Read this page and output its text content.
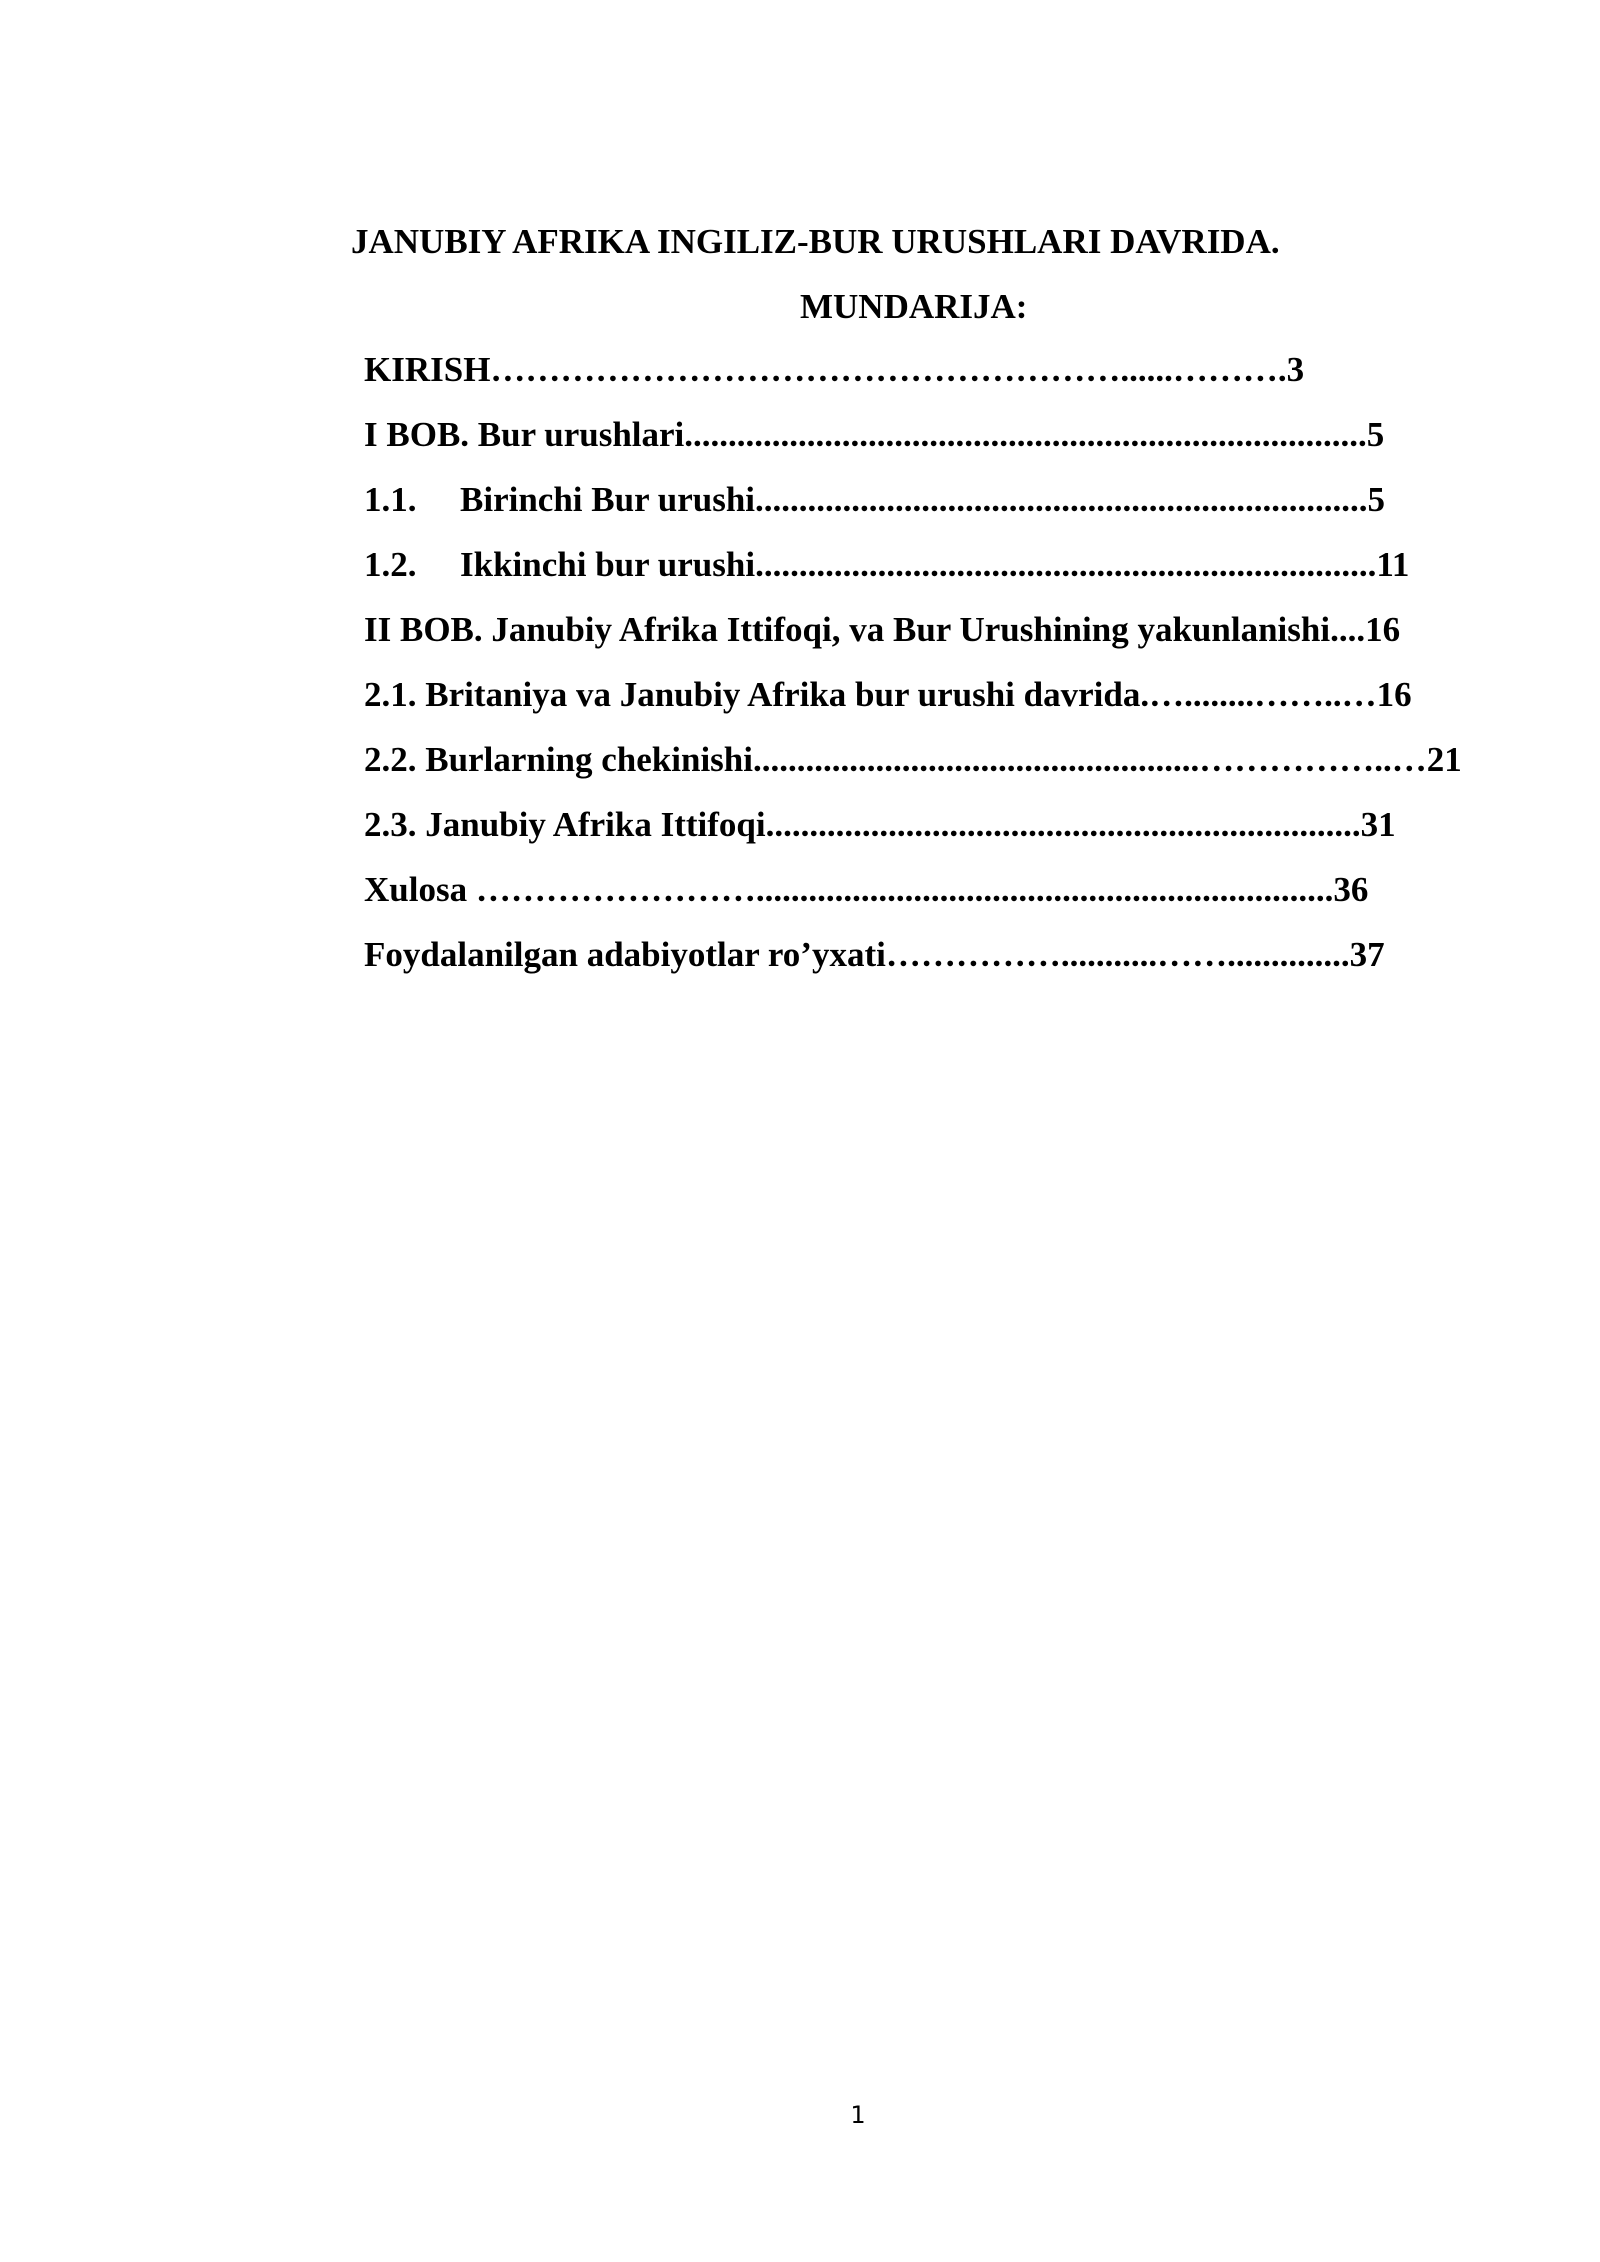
JANUBIY AFRIKA INGILIZ-BUR URUSHLARI DAVRIDA.
MUNDARIJA:
KIRISH………………………………………………......……….3
I BOB. Bur urushlari..............................................................................5
1.1. Birinchi Bur urushi......................................................................5
1.2. Ikkinchi bur urushi.......................................................................11
II BOB. Janubiy Afrika Ittifoqi, va Bur Urushining yakunlanishi....16
2.1. Britaniya va Janubiy Afrika bur urushi davrida.…........……..…16
2.2. Burlarning chekinishi...................................................……………..…21
2.3. Janubiy Afrika Ittifoqi....................................................................31
Xulosa ……………………..................................................................36
Foydalanilgan adabiyotlar ro’yxati……………...........……..............37
1
